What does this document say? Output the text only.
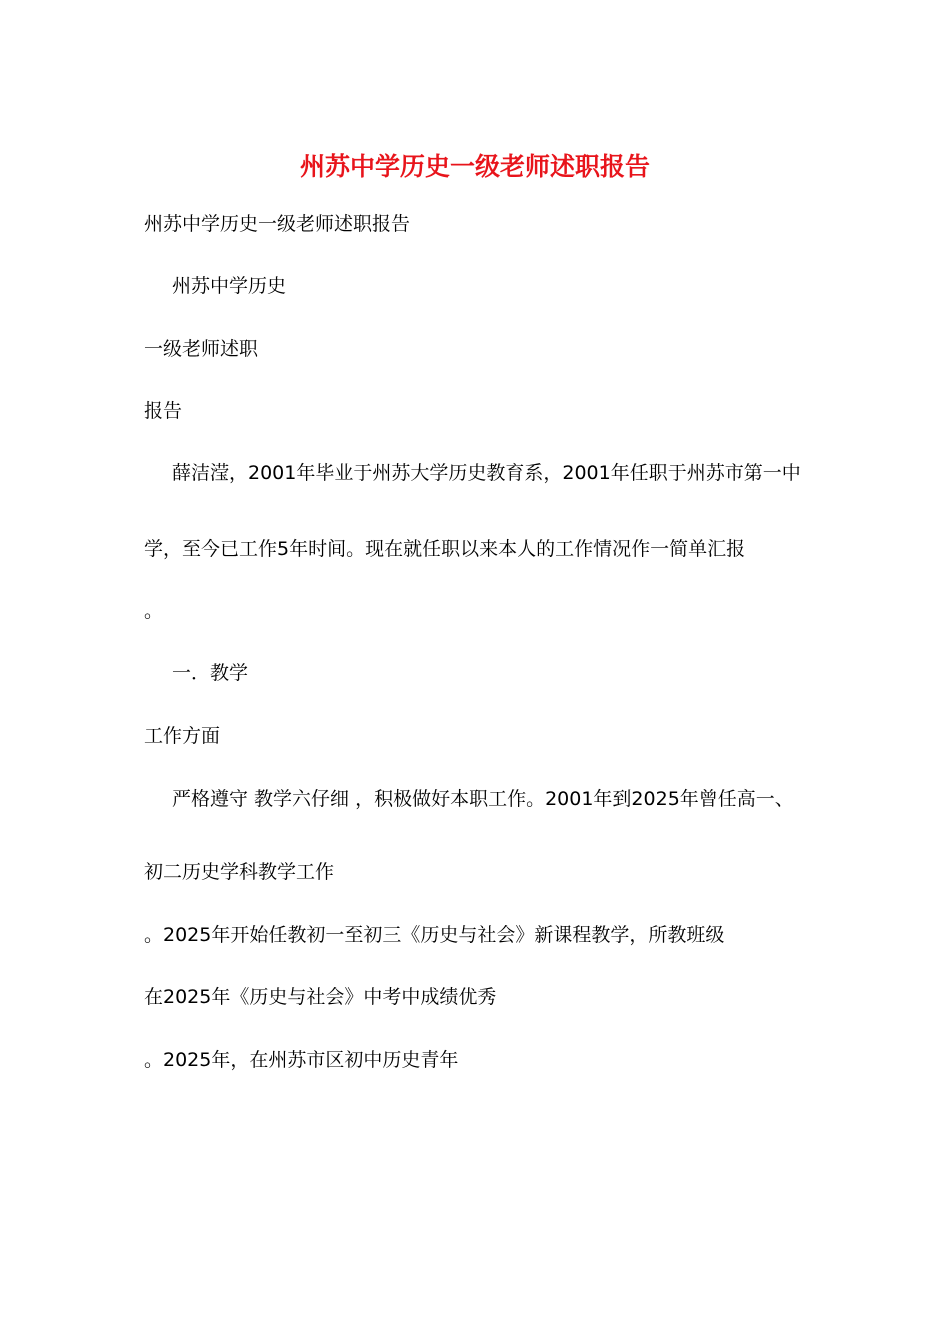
州苏中学历史一级老师述职报告
州苏中学历史一级老师述职报告
州苏中学历史
一级老师述职
报告
薛洁滢，2001年毕业于州苏大学历史教育系，2001年任职于州苏市第一中
学，至今已工作5年时间。现在就任职以来本人的工作情况作一简单汇报
。
一．教学
工作方面
严格遵守 教学六仔细 ，积极做好本职工作。2001年到2025年曾任高一、
初二历史学科教学工作
。2025年开始任教初一至初三《历史与社会》新课程教学，所教班级
在2025年《历史与社会》中考中成绩优秀
。2025年，在州苏市区初中历史青年
